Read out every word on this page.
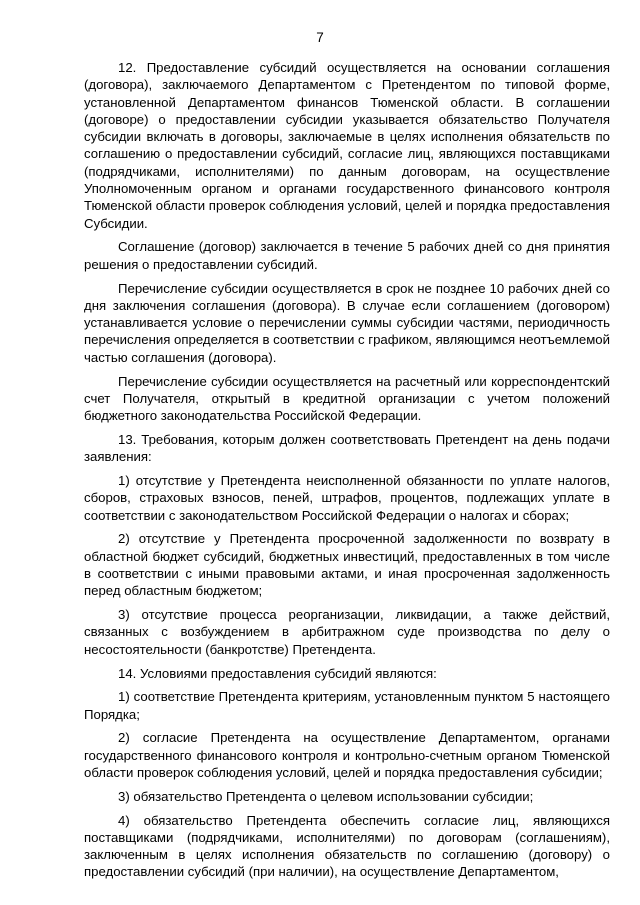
7

12. Предоставление субсидий осуществляется на основании соглашения (договора), заключаемого Департаментом с Претендентом по типовой форме, установленной Департаментом финансов Тюменской области. В соглашении (договоре) о предоставлении субсидии указывается обязательство Получателя субсидии включать в договоры, заключаемые в целях исполнения обязательств по соглашению о предоставлении субсидий, согласие лиц, являющихся поставщиками (подрядчиками, исполнителями) по данным договорам, на осуществление Уполномоченным органом и органами государственного финансового контроля Тюменской области проверок соблюдения условий, целей и порядка предоставления Субсидии.

Соглашение (договор) заключается в течение 5 рабочих дней со дня принятия решения о предоставлении субсидий.

Перечисление субсидии осуществляется в срок не позднее 10 рабочих дней со дня заключения соглашения (договора). В случае если соглашением (договором) устанавливается условие о перечислении суммы субсидии частями, периодичность перечисления определяется в соответствии с графиком, являющимся неотъемлемой частью соглашения (договора).

Перечисление субсидии осуществляется на расчетный или корреспондентский счет Получателя, открытый в кредитной организации с учетом положений бюджетного законодательства Российской Федерации.

13. Требования, которым должен соответствовать Претендент на день подачи заявления:

1) отсутствие у Претендента неисполненной обязанности по уплате налогов, сборов, страховых взносов, пеней, штрафов, процентов, подлежащих уплате в соответствии с законодательством Российской Федерации о налогах и сборах;

2) отсутствие у Претендента просроченной задолженности по возврату в областной бюджет субсидий, бюджетных инвестиций, предоставленных в том числе в соответствии с иными правовыми актами, и иная просроченная задолженность перед областным бюджетом;

3) отсутствие процесса реорганизации, ликвидации, а также действий, связанных с возбуждением в арбитражном суде производства по делу о несостоятельности (банкротстве) Претендента.

14. Условиями предоставления субсидий являются:

1) соответствие Претендента критериям, установленным пунктом 5 настоящего Порядка;

2) согласие Претендента на осуществление Департаментом, органами государственного финансового контроля и контрольно-счетным органом Тюменской области проверок соблюдения условий, целей и порядка предоставления субсидии;

3) обязательство Претендента о целевом использовании субсидии;

4) обязательство Претендента обеспечить согласие лиц, являющихся поставщиками (подрядчиками, исполнителями) по договорам (соглашениям), заключенным в целях исполнения обязательств по соглашению (договору) о предоставлении субсидий (при наличии), на осуществление Департаментом,
